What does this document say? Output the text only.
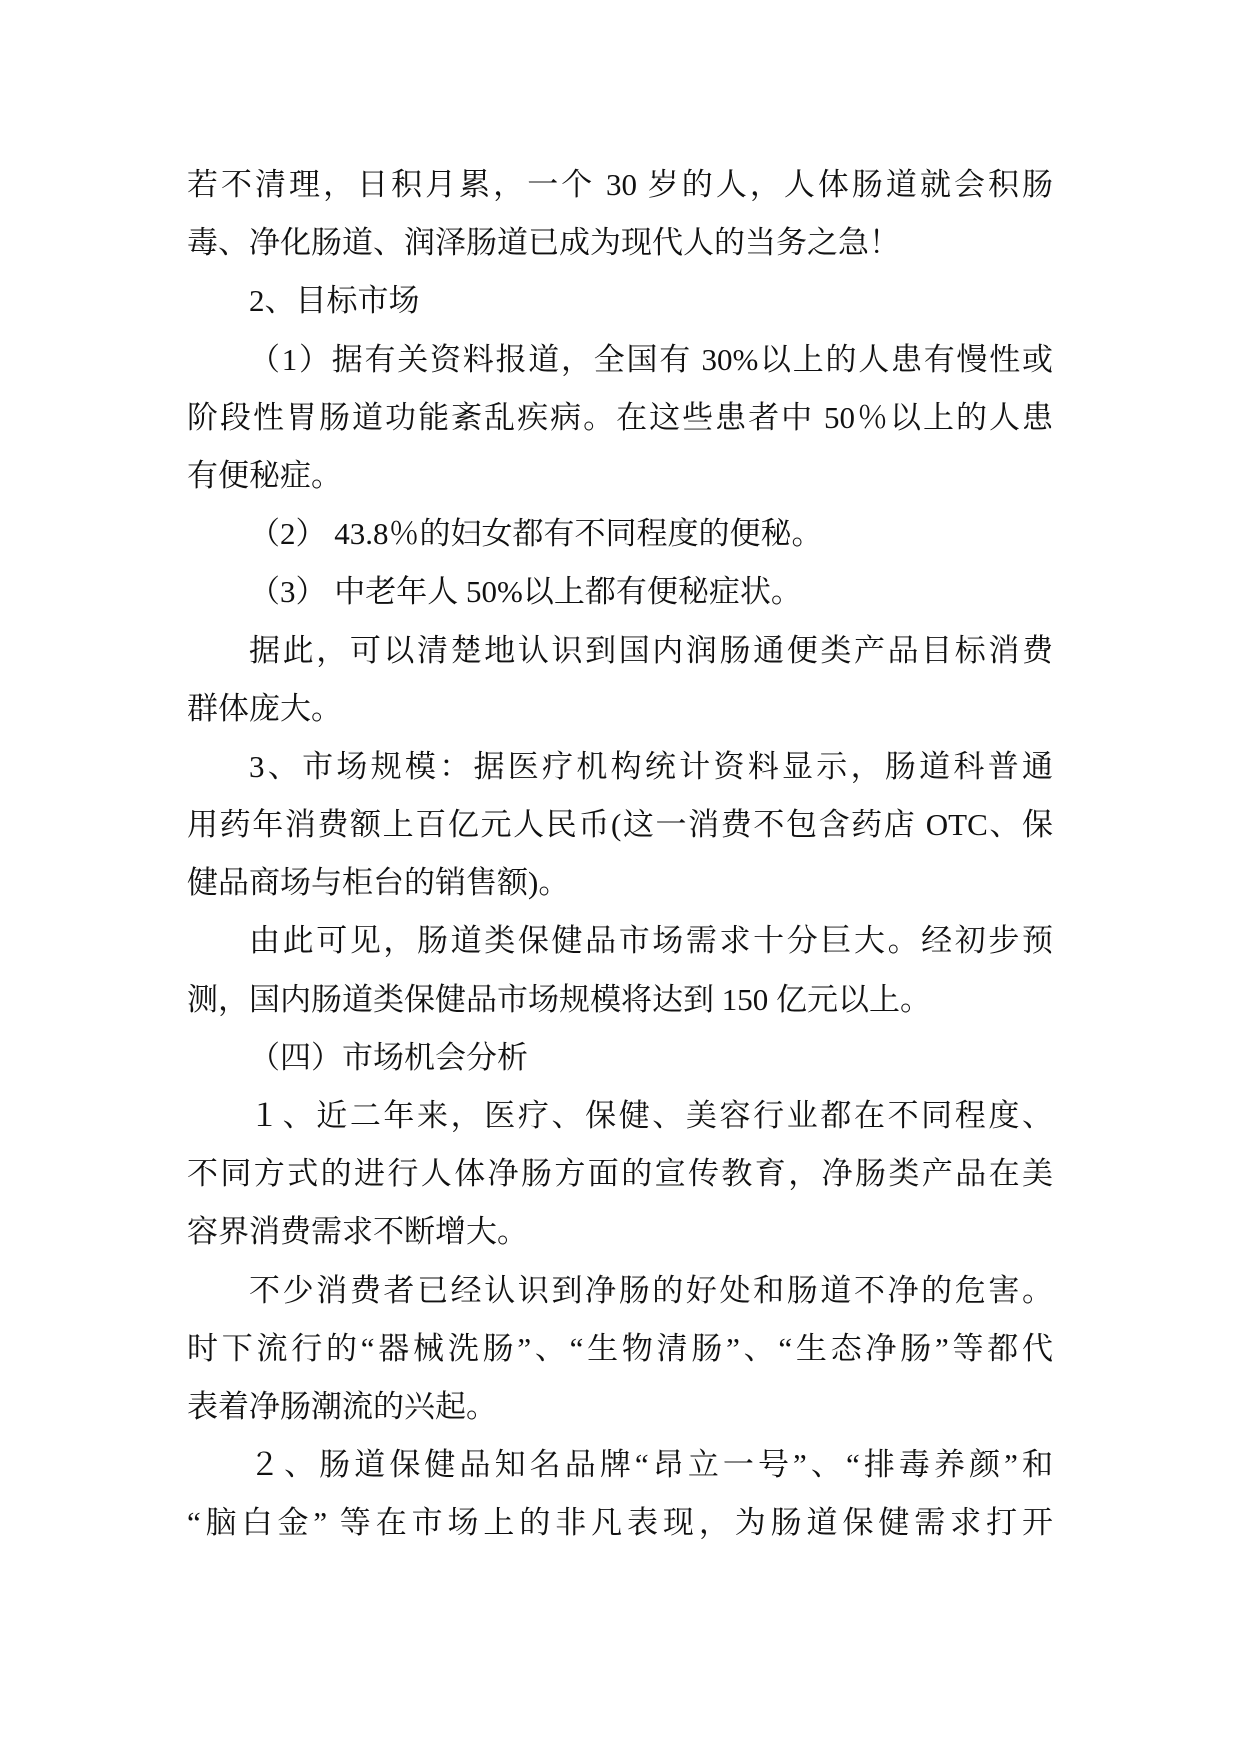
若不清理，日积月累，一个 30 岁的人，人体肠道就会积肠
毒、净化肠道、润泽肠道已成为现代人的当务之急！
2、目标市场
（1）据有关资料报道，全国有 30%以上的人患有慢性或
阶段性胃肠道功能紊乱疾病。在这些患者中 50％以上的人患
有便秘症。
（2） 43.8％的妇女都有不同程度的便秘。
（3） 中老年人 50%以上都有便秘症状。
据此，可以清楚地认识到国内润肠通便类产品目标消费
群体庞大。
3、市场规模：据医疗机构统计资料显示，肠道科普通
用药年消费额上百亿元人民币(这一消费不包含药店 OTC、保
健品商场与柜台的销售额)。
由此可见，肠道类保健品市场需求十分巨大。经初步预
测，国内肠道类保健品市场规模将达到 150 亿元以上。
（四）市场机会分析
１、近二年来，医疗、保健、美容行业都在不同程度、
不同方式的进行人体净肠方面的宣传教育，净肠类产品在美
容界消费需求不断增大。
不少消费者已经认识到净肠的好处和肠道不净的危害。
时下流行的“器械洗肠”、“生物清肠”、“生态净肠”等都代
表着净肠潮流的兴起。
２、肠道保健品知名品牌“昂立一号”、“排毒养颜”和
“脑白金” 等在市场上的非凡表现，为肠道保健需求打开
